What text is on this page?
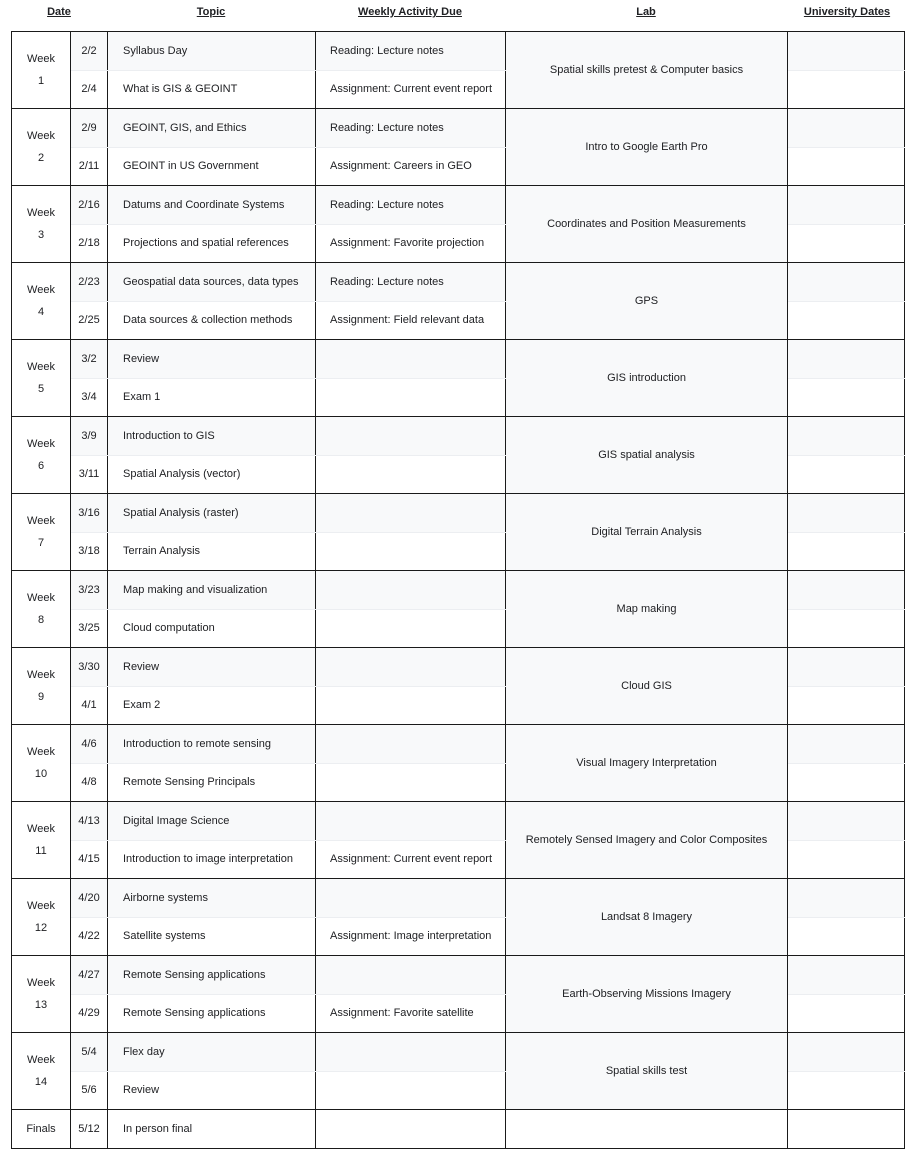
Date	Topic	Weekly Activity Due	Lab	University Dates
Week
1	2/2	Syllabus Day	Reading: Lecture notes	Spatial skills pretest & Computer basics	
	2/4	What is GIS & GEOINT	Assignment: Current event report		

Week
2	2/9	GEOINT, GIS, and Ethics	Reading: Lecture notes	Intro to Google Earth Pro	
	2/11	GEOINT in US Government	Assignment: Careers in GEO		

Week
3	2/16	Datums and Coordinate Systems	Reading: Lecture notes	Coordinates and Position Measurements	
	2/18	Projections and spatial references	Assignment: Favorite projection		

Week
4	2/23	Geospatial data sources, data types	Reading: Lecture notes	GPS	
	2/25	Data sources & collection methods	Assignment: Field relevant data		

Week
5	3/2	Review		GIS introduction	
	3/4	Exam 1			

Week
6	3/9	Introduction to GIS		GIS spatial analysis	
	3/11	Spatial Analysis (vector)			

Week
7	3/16	Spatial Analysis (raster)		Digital Terrain Analysis	
	3/18	Terrain Analysis			

Week
8	3/23	Map making and visualization		Map making	
	3/25	Cloud computation			

Week
9	3/30	Review		Cloud GIS	
	4/1	Exam 2			

Week
10	4/6	Introduction to remote sensing		Visual Imagery Interpretation	
	4/8	Remote Sensing Principals			

Week
11	4/13	Digital Image Science		Remotely Sensed Imagery and Color Composites	
	4/15	Introduction to image interpretation	Assignment: Current event report		

Week
12	4/20	Airborne systems		Landsat 8 Imagery	
	4/22	Satellite systems	Assignment: Image interpretation		

Week
13	4/27	Remote Sensing applications		Earth-Observing Missions Imagery	
	4/29	Remote Sensing applications	Assignment: Favorite satellite		

Week
14	5/4	Flex day		Spatial skills test	
	5/6	Review			
Finals	5/12	In person final			
